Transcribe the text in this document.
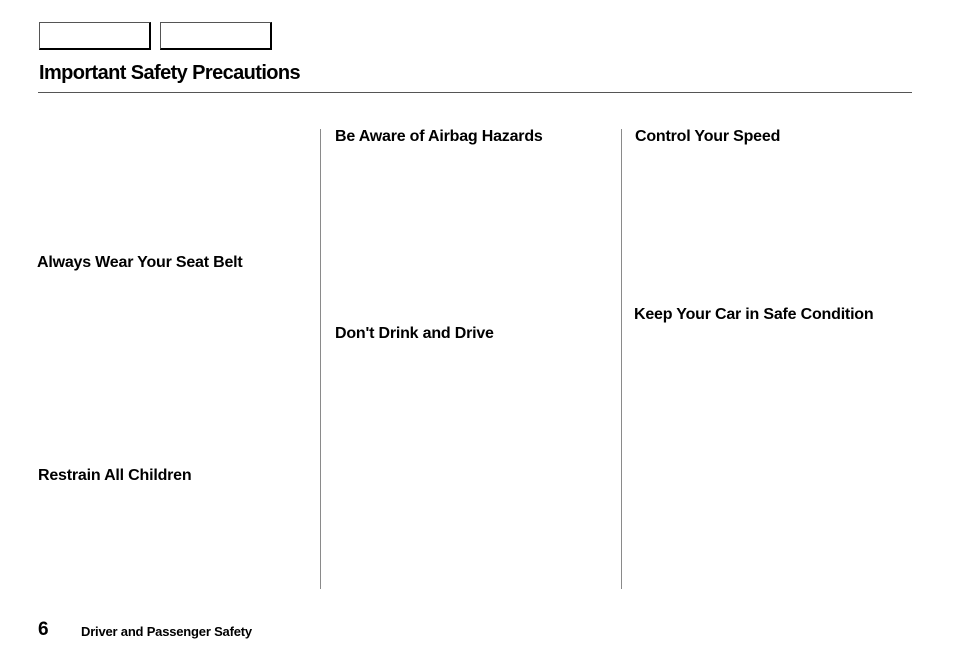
Important Safety Precautions
Always Wear Your Seat Belt
Restrain All Children
Be Aware of Airbag Hazards
Don't Drink and Drive
Control Your Speed
Keep Your Car in Safe Condition
6 Driver and Passenger Safety
